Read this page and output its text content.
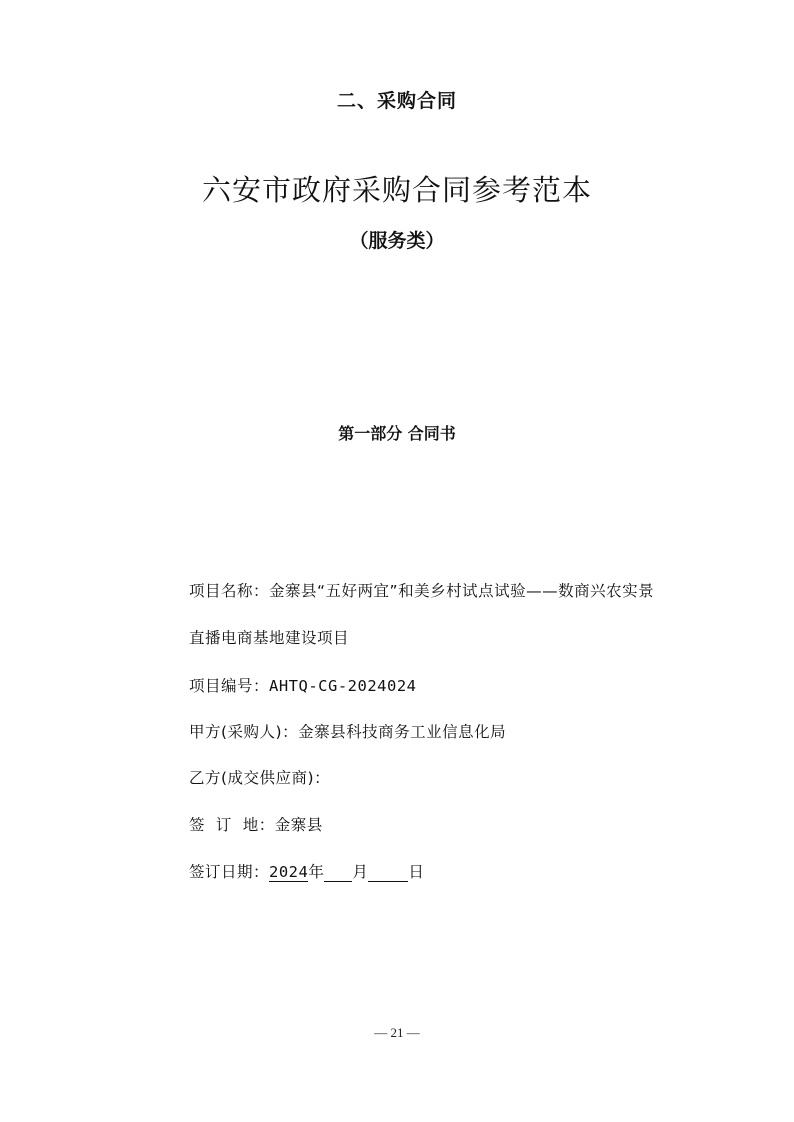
二、采购合同
六安市政府采购合同参考范本
（服务类）
第一部分 合同书
项目名称：金寨县“五好两宜”和美乡村试点试验——数商兴农实景
直播电商基地建设项目
项目编号：AHTQ-CG-2024024
甲方(采购人)：金寨县科技商务工业信息化局
乙方(成交供应商)：
签  订  地：金寨县
签订日期：2024年 月	日
— 21 —
